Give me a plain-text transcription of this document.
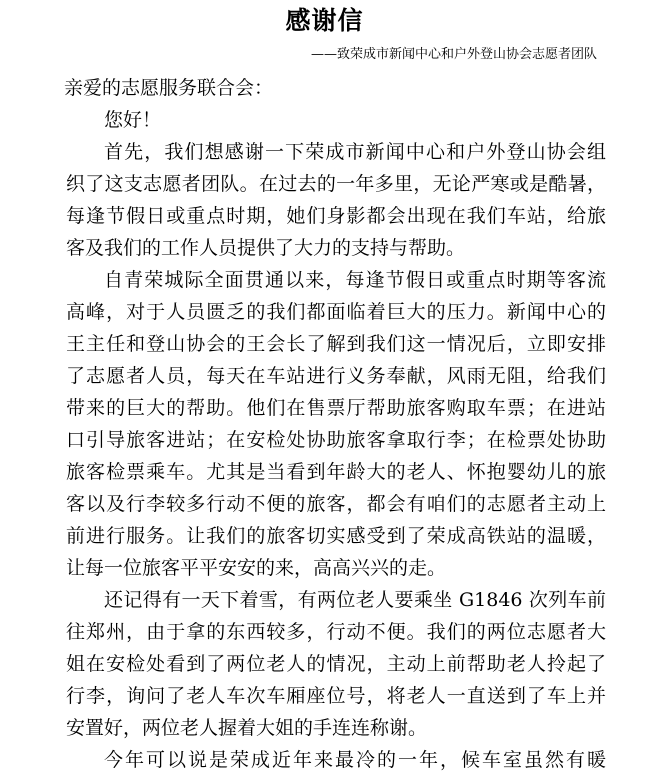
感谢信
——致荣成市新闻中心和户外登山协会志愿者团队
亲爱的志愿服务联合会：
您好！
首先，我们想感谢一下荣成市新闻中心和户外登山协会组
织了这支志愿者团队。在过去的一年多里，无论严寒或是酷暑，
每逢节假日或重点时期，她们身影都会出现在我们车站，给旅
客及我们的工作人员提供了大力的支持与帮助。
自青荣城际全面贯通以来，每逢节假日或重点时期等客流
高峰，对于人员匮乏的我们都面临着巨大的压力。新闻中心的
王主任和登山协会的王会长了解到我们这一情况后，立即安排
了志愿者人员，每天在车站进行义务奉献，风雨无阻，给我们
带来的巨大的帮助。他们在售票厅帮助旅客购取车票；在进站
口引导旅客进站；在安检处协助旅客拿取行李；在检票处协助
旅客检票乘车。尤其是当看到年龄大的老人、怀抱婴幼儿的旅
客以及行李较多行动不便的旅客，都会有咱们的志愿者主动上
前进行服务。让我们的旅客切实感受到了荣成高铁站的温暖，
让每一位旅客平平安安的来，高高兴兴的走。
还记得有一天下着雪，有两位老人要乘坐 G1846 次列车前
往郑州，由于拿的东西较多，行动不便。我们的两位志愿者大
姐在安检处看到了两位老人的情况，主动上前帮助老人拎起了
行李，询问了老人车次车厢座位号，将老人一直送到了车上并
安置好，两位老人握着大姐的手连连称谢。
今年可以说是荣成近年来最冷的一年，候车室虽然有暖
